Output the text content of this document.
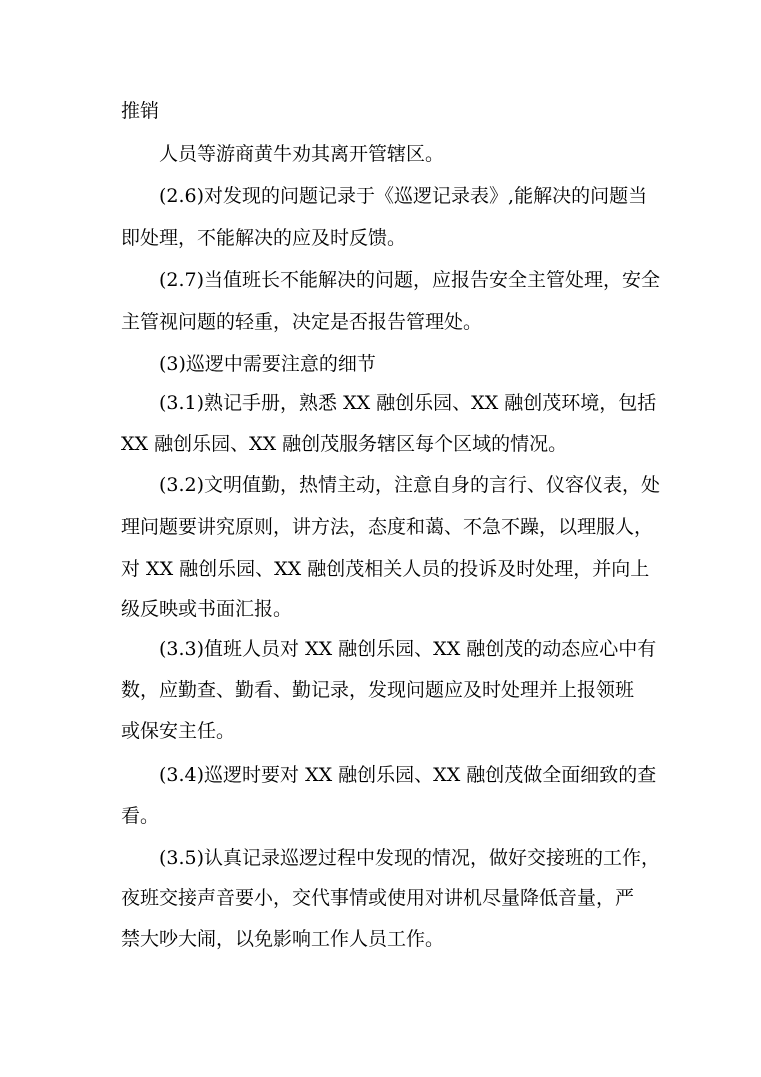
推销
人员等游商黄牛劝其离开管辖区。
(2.6)对发现的问题记录于《巡逻记录表》,能解决的问题当
即处理，不能解决的应及时反馈。
(2.7)当值班长不能解决的问题，应报告安全主管处理，安全
主管视问题的轻重，决定是否报告管理处。
(3)巡逻中需要注意的细节
(3.1)熟记手册，熟悉 XX 融创乐园、XX 融创茂环境，包括
XX 融创乐园、XX 融创茂服务辖区每个区域的情况。
(3.2)文明值勤，热情主动，注意自身的言行、仪容仪表，处
理问题要讲究原则，讲方法，态度和蔼、不急不躁，以理服人，
对 XX 融创乐园、XX 融创茂相关人员的投诉及时处理，并向上
级反映或书面汇报。
(3.3)值班人员对 XX 融创乐园、XX 融创茂的动态应心中有
数，应勤查、勤看、勤记录，发现问题应及时处理并上报领班
或保安主任。
(3.4)巡逻时要对 XX 融创乐园、XX 融创茂做全面细致的查
看。
(3.5)认真记录巡逻过程中发现的情况，做好交接班的工作，
夜班交接声音要小，交代事情或使用对讲机尽量降低音量，严
禁大吵大闹，以免影响工作人员工作。
